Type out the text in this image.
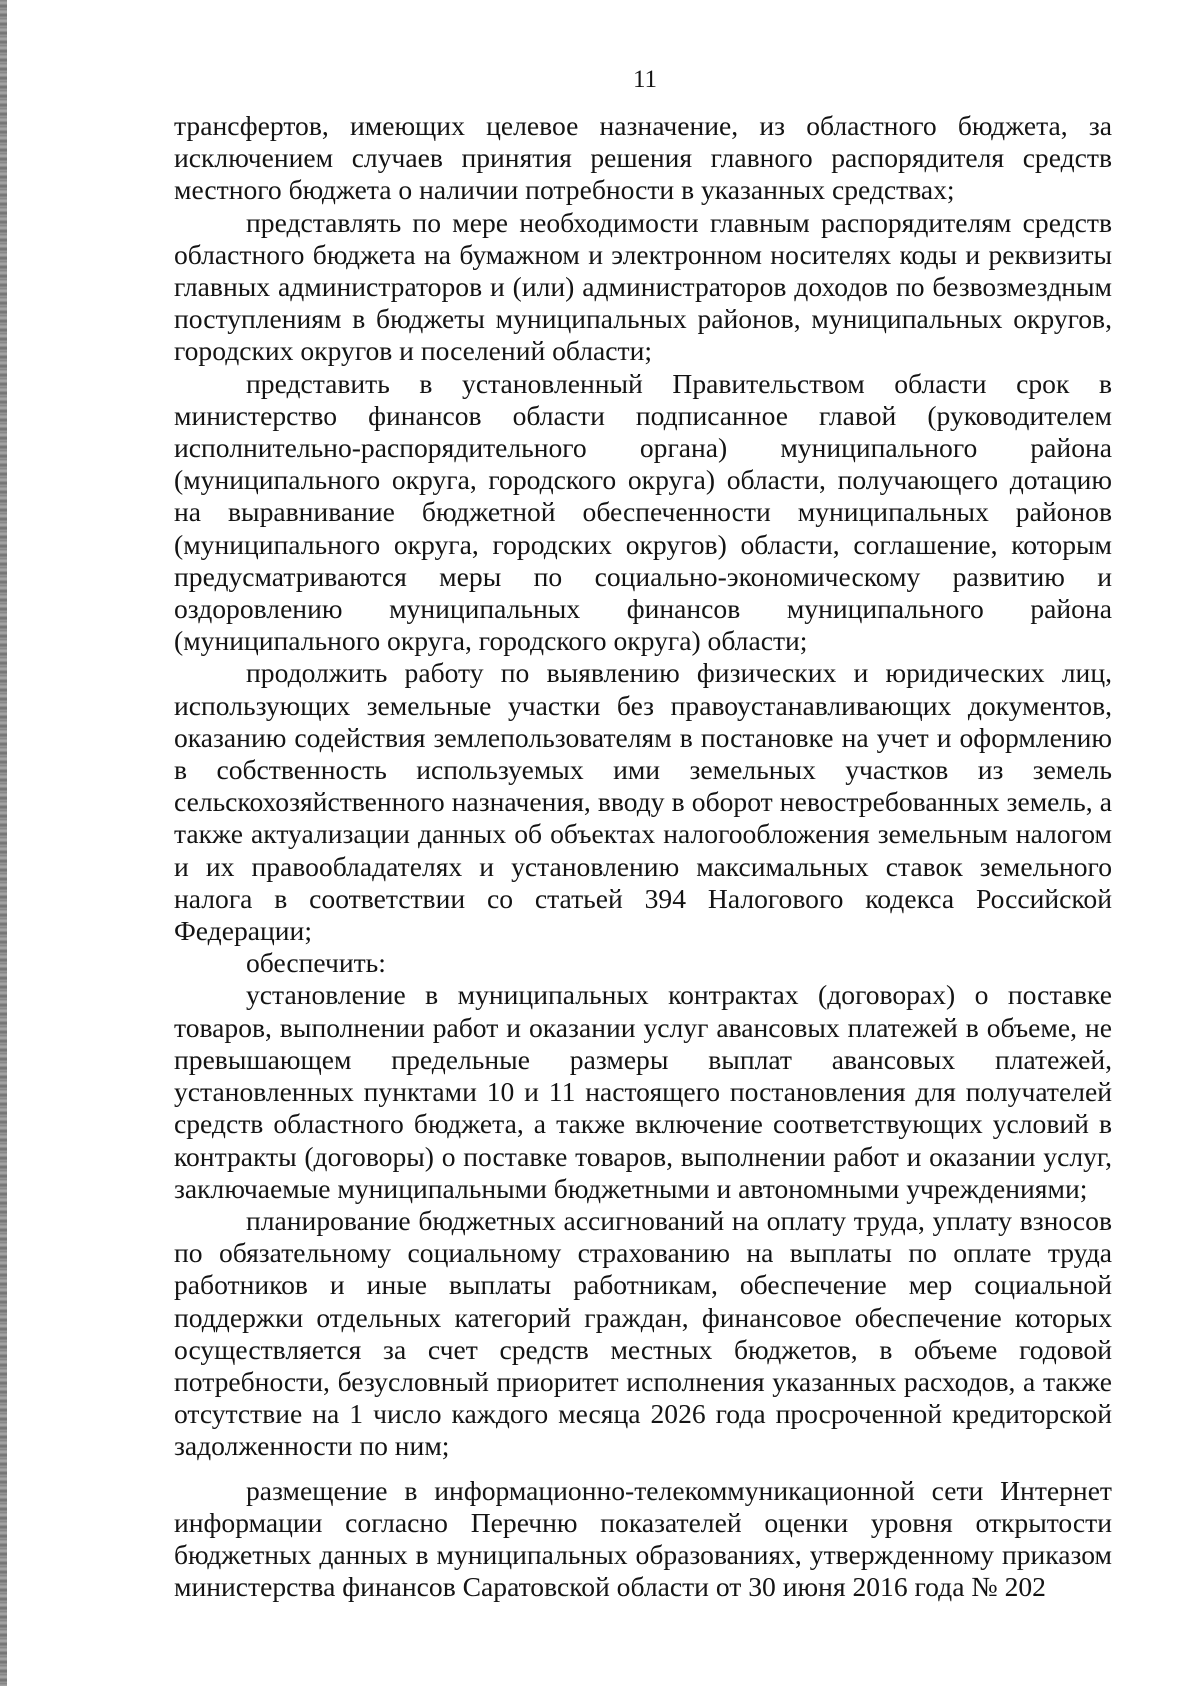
11

трансфертов, имеющих целевое назначение, из областного бюджета, за исключением случаев принятия решения главного распорядителя средств местного бюджета о наличии потребности в указанных средствах;

представлять по мере необходимости главным распорядителям средств областного бюджета на бумажном и электронном носителях коды и реквизиты главных администраторов и (или) администраторов доходов по безвозмездным поступлениям в бюджеты муниципальных районов, муниципальных округов, городских округов и поселений области;

представить в установленный Правительством области срок в министерство финансов области подписанное главой (руководителем исполнительно-распорядительного органа) муниципального района (муниципального округа, городского округа) области, получающего дотацию на выравнивание бюджетной обеспеченности муниципальных районов (муниципального округа, городских округов) области, соглашение, которым предусматриваются меры по социально-экономическому развитию и оздоровлению муниципальных финансов муниципального района (муниципального округа, городского округа) области;

продолжить работу по выявлению физических и юридических лиц, использующих земельные участки без правоустанавливающих документов, оказанию содействия землепользователям в постановке на учет и оформлению в собственность используемых ими земельных участков из земель сельскохозяйственного назначения, вводу в оборот невостребованных земель, а также актуализации данных об объектах налогообложения земельным налогом и их правообладателях и установлению максимальных ставок земельного налога в соответствии со статьей 394 Налогового кодекса Российской Федерации;

обеспечить:

установление в муниципальных контрактах (договорах) о поставке товаров, выполнении работ и оказании услуг авансовых платежей в объеме, не превышающем предельные размеры выплат авансовых платежей, установленных пунктами 10 и 11 настоящего постановления для получателей средств областного бюджета, а также включение соответствующих условий в контракты (договоры) о поставке товаров, выполнении работ и оказании услуг, заключаемые муниципальными бюджетными и автономными учреждениями;

планирование бюджетных ассигнований на оплату труда, уплату взносов по обязательному социальному страхованию на выплаты по оплате труда работников и иные выплаты работникам, обеспечение мер социальной поддержки отдельных категорий граждан, финансовое обеспечение которых осуществляется за счет средств местных бюджетов, в объеме годовой потребности, безусловный приоритет исполнения указанных расходов, а также отсутствие на 1 число каждого месяца 2026 года просроченной кредиторской задолженности по ним;

размещение в информационно-телекоммуникационной сети Интернет информации согласно Перечню показателей оценки уровня открытости бюджетных данных в муниципальных образованиях, утвержденному приказом министерства финансов Саратовской области от 30 июня 2016 года № 202
